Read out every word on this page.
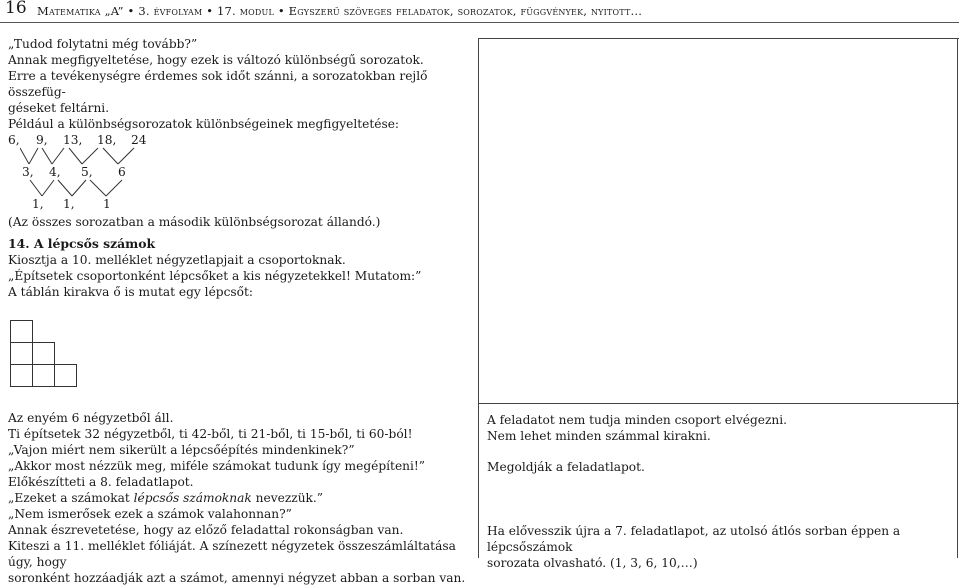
16 Matematika „A” • 3. évfolyam • 17. modul • Egyszerű szöveges feladatok, sorozatok, függvények, nyitott…

„Tudod folytatni még tovább?”

Annak megfigyeltetése, hogy ezek is változó különbségű sorozatok.

Erre a tevékenységre érdemes sok időt szánni, a sorozatokban rejlő összefüg-

géseket feltárni.

Például a különbségsorozatok különbségeinek megfigyeltetése:

6, 9, 13, 18, 24
3, 4, 5, 6
1, 1, 1

(Az összes sorozatban a második különbségsorozat állandó.)

14. A lépcsős számok

Kiosztja a 10. melléklet négyzetlapjait a csoportoknak.

„Építsetek csoportonként lépcsőket a kis négyzetekkel! Mutatom:”

A táblán kirakva ő is mutat egy lépcsőt:

Az enyém 6 négyzetből áll.

Ti építsetek 32 négyzetből, ti 42-ből, ti 21-ből, ti 15-ből, ti 60-ból!

„Vajon miért nem sikerült a lépcsőépítés mindenkinek?”

„Akkor most nézzük meg, miféle számokat tudunk így megépíteni!”

Előkészítteti a 8. feladatlapot.

„Ezeket a számokat lépcsős számoknak nevezzük.”

„Nem ismerősek ezek a számok valahonnan?”

Annak észrevetetése, hogy az előző feladattal rokonságban van.

Kiteszi a 11. melléklet fóliáját. A színezett négyzetek összeszámláltatása úgy, hogy

soronként hozzáadják azt a számot, amennyi négyzet abban a sorban van.

A feladatot nem tudja minden csoport elvégezni.

Nem lehet minden számmal kirakni.

Megoldják a feladatlapot.

Ha elővesszik újra a 7. feladatlapot, az utolsó átlós sorban éppen a lépcsőszámok

sorozata olvasható. (1, 3, 6, 10,…)
